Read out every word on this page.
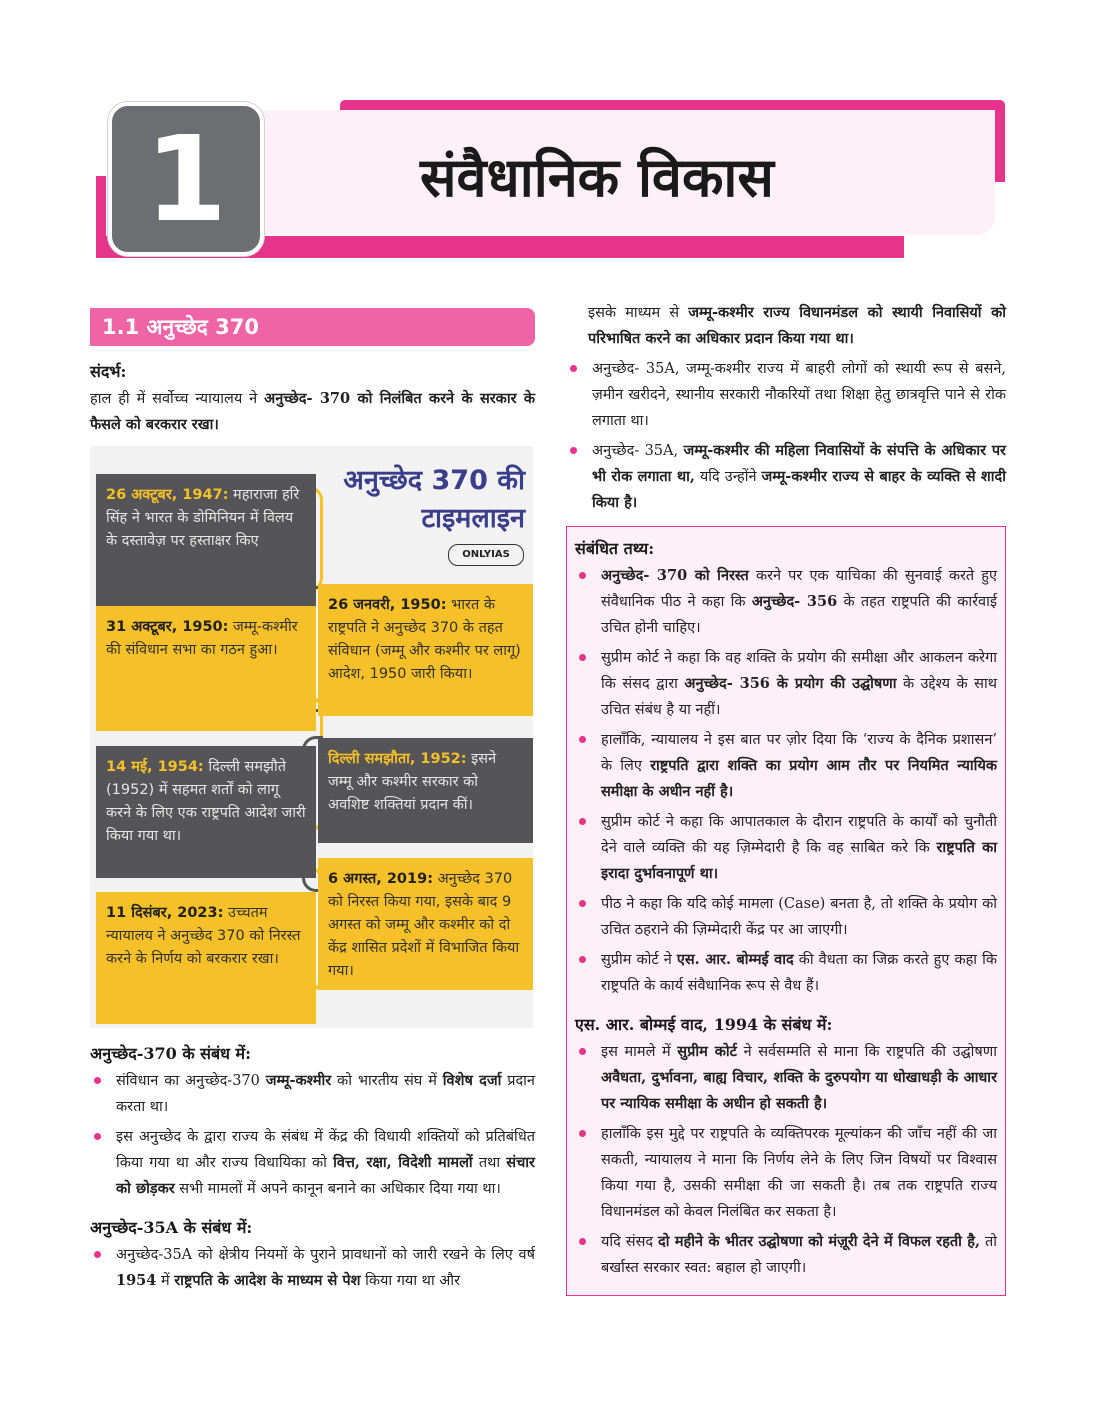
1	संवैधानिक विकास
1.1 अनुच्छेद 370
संदर्भ:

हाल ही में सर्वोच्च न्यायालय ने अनुच्छेद- 370 को निलंबित करने के सरकार के फैसले को बरकरार रखा।

अनुच्छेद 370 की टाइमलाइन
ONLYIAS
26 अक्टूबर, 1947: महाराजा हरि सिंह ने भारत के डोमिनियन में विलय के दस्तावेज़ पर हस्ताक्षर किए
26 जनवरी, 1950: भारत के राष्ट्रपति ने अनुच्छेद 370 के तहत संविधान (जम्मू और कश्मीर पर लागू) आदेश, 1950 जारी किया।
31 अक्टूबर, 1950: जम्मू-कश्मीर की संविधान सभा का गठन हुआ।
दिल्ली समझौता, 1952: इसने जम्मू और कश्मीर सरकार को अवशिष्ट शक्तियां प्रदान कीं।
14 मई, 1954: दिल्ली समझौते (1952) में सहमत शर्तों को लागू करने के लिए एक राष्ट्रपति आदेश जारी किया गया था।
6 अगस्त, 2019: अनुच्छेद 370 को निरस्त किया गया, इसके बाद 9 अगस्त को जम्मू और कश्मीर को दो केंद्र शासित प्रदेशों में विभाजित किया गया।
11 दिसंबर, 2023: उच्चतम न्यायालय ने अनुच्छेद 370 को निरस्त करने के निर्णय को बरकरार रखा।
अनुच्छेद-370 के संबंध में:
संविधान का अनुच्छेद-370 जम्मू-कश्मीर को भारतीय संघ में विशेष दर्जा प्रदान करता था।
इस अनुच्छेद के द्वारा राज्य के संबंध में केंद्र की विधायी शक्तियों को प्रतिबंधित किया गया था और राज्य विधायिका को वित्त, रक्षा, विदेशी मामलों तथा संचार को छोड़कर सभी मामलों में अपने कानून बनाने का अधिकार दिया गया था।
अनुच्छेद-35A के संबंध में:
अनुच्छेद-35A को क्षेत्रीय नियमों के पुराने प्रावधानों को जारी रखने के लिए वर्ष 1954 में राष्ट्रपति के आदेश के माध्यम से पेश किया गया था और

इसके माध्यम से जम्मू-कश्मीर राज्य विधानमंडल को स्थायी निवासियों को परिभाषित करने का अधिकार प्रदान किया गया था।

अनुच्छेद- 35A, जम्मू-कश्मीर राज्य में बाहरी लोगों को स्थायी रूप से बसने, ज़मीन खरीदने, स्थानीय सरकारी नौकरियों तथा शिक्षा हेतु छात्रवृत्ति पाने से रोक लगाता था।
अनुच्छेद- 35A, जम्मू-कश्मीर की महिला निवासियों के संपत्ति के अधिकार पर भी रोक लगाता था, यदि उन्होंने जम्मू-कश्मीर राज्य से बाहर के व्यक्ति से शादी किया है।
संबंधित तथ्य:
अनुच्छेद- 370 को निरस्त करने पर एक याचिका की सुनवाई करते हुए संवैधानिक पीठ ने कहा कि अनुच्छेद- 356 के तहत राष्ट्रपति की कार्रवाई उचित होनी चाहिए।
सुप्रीम कोर्ट ने कहा कि वह शक्ति के प्रयोग की समीक्षा और आकलन करेगा कि संसद द्वारा अनुच्छेद- 356 के प्रयोग की उद्घोषणा के उद्देश्य के साथ उचित संबंध है या नहीं।
हालाँकि, न्यायालय ने इस बात पर ज़ोर दिया कि ‘राज्य के दैनिक प्रशासन’ के लिए राष्ट्रपति द्वारा शक्ति का प्रयोग आम तौर पर नियमित न्यायिक समीक्षा के अधीन नहीं है।
सुप्रीम कोर्ट ने कहा कि आपातकाल के दौरान राष्ट्रपति के कार्यों को चुनौती देने वाले व्यक्ति की यह ज़िम्मेदारी है कि वह साबित करे कि राष्ट्रपति का इरादा दुर्भावनापूर्ण था।
पीठ ने कहा कि यदि कोई मामला (Case) बनता है, तो शक्ति के प्रयोग को उचित ठहराने की ज़िम्मेदारी केंद्र पर आ जाएगी।
सुप्रीम कोर्ट ने एस. आर. बोम्मई वाद की वैधता का जिक्र करते हुए कहा कि राष्ट्रपति के कार्य संवैधानिक रूप से वैध हैं।
एस. आर. बोम्मई वाद, 1994 के संबंध में:
इस मामले में सुप्रीम कोर्ट ने सर्वसम्मति से माना कि राष्ट्रपति की उद्घोषणा अवैधता, दुर्भावना, बाह्य विचार, शक्ति के दुरुपयोग या धोखाधड़ी के आधार पर न्यायिक समीक्षा के अधीन हो सकती है।
हालाँकि इस मुद्दे पर राष्ट्रपति के व्यक्तिपरक मूल्यांकन की जाँच नहीं की जा सकती, न्यायालय ने माना कि निर्णय लेने के लिए जिन विषयों पर विश्वास किया गया है, उसकी समीक्षा की जा सकती है। तब तक राष्ट्रपति राज्य विधानमंडल को केवल निलंबित कर सकता है।
यदि संसद दो महीने के भीतर उद्घोषणा को मंज़ूरी देने में विफल रहती है, तो बर्खास्त सरकार स्वत: बहाल हो जाएगी।
